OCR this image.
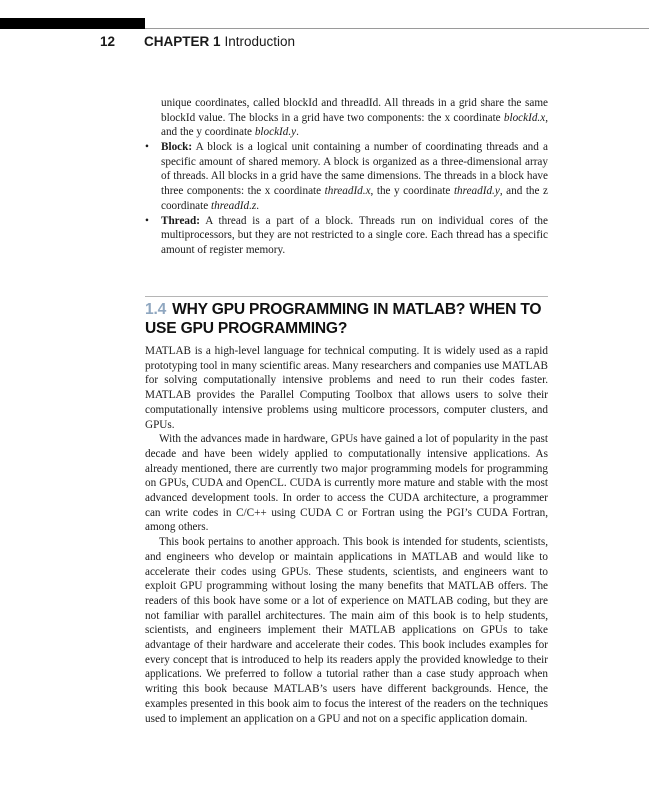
12 CHAPTER 1 Introduction

unique coordinates, called blockId and threadId. All threads in a grid share the same blockId value. The blocks in a grid have two components: the x coordinate blockId.x, and the y coordinate blockId.y.

• Block: A block is a logical unit containing a number of coordinating threads and a specific amount of shared memory. A block is organized as a three-dimensional array of threads. All blocks in a grid have the same dimensions. The threads in a block have three components: the x coordinate threadId.x, the y coordinate threadId.y, and the z coordinate threadId.z.
• Thread: A thread is a part of a block. Threads run on individual cores of the multiprocessors, but they are not restricted to a single core. Each thread has a specific amount of register memory.
1.4 WHY GPU PROGRAMMING IN MATLAB? WHEN TO USE GPU PROGRAMMING?

MATLAB is a high-level language for technical computing. It is widely used as a rapid prototyping tool in many scientific areas. Many researchers and companies use MATLAB for solving computationally intensive problems and need to run their codes faster. MATLAB provides the Parallel Computing Toolbox that allows users to solve their computationally intensive problems using multicore processors, computer clusters, and GPUs.

With the advances made in hardware, GPUs have gained a lot of popularity in the past decade and have been widely applied to computationally intensive applications. As already mentioned, there are currently two major programming models for programming on GPUs, CUDA and OpenCL. CUDA is currently more mature and stable with the most advanced development tools. In order to access the CUDA architecture, a programmer can write codes in C/C++ using CUDA C or Fortran using the PGI’s CUDA Fortran, among others.

This book pertains to another approach. This book is intended for students, scientists, and engineers who develop or maintain applications in MATLAB and would like to accelerate their codes using GPUs. These students, scientists, and engineers want to exploit GPU programming without losing the many benefits that MATLAB offers. The readers of this book have some or a lot of experience on MATLAB coding, but they are not familiar with parallel architectures. The main aim of this book is to help students, scientists, and engineers implement their MATLAB applications on GPUs to take advantage of their hardware and accelerate their codes. This book includes examples for every concept that is introduced to help its readers apply the provided knowledge to their applications. We preferred to follow a tutorial rather than a case study approach when writing this book because MATLAB’s users have different backgrounds. Hence, the examples presented in this book aim to focus the interest of the readers on the techniques used to implement an application on a GPU and not on a specific application domain.
